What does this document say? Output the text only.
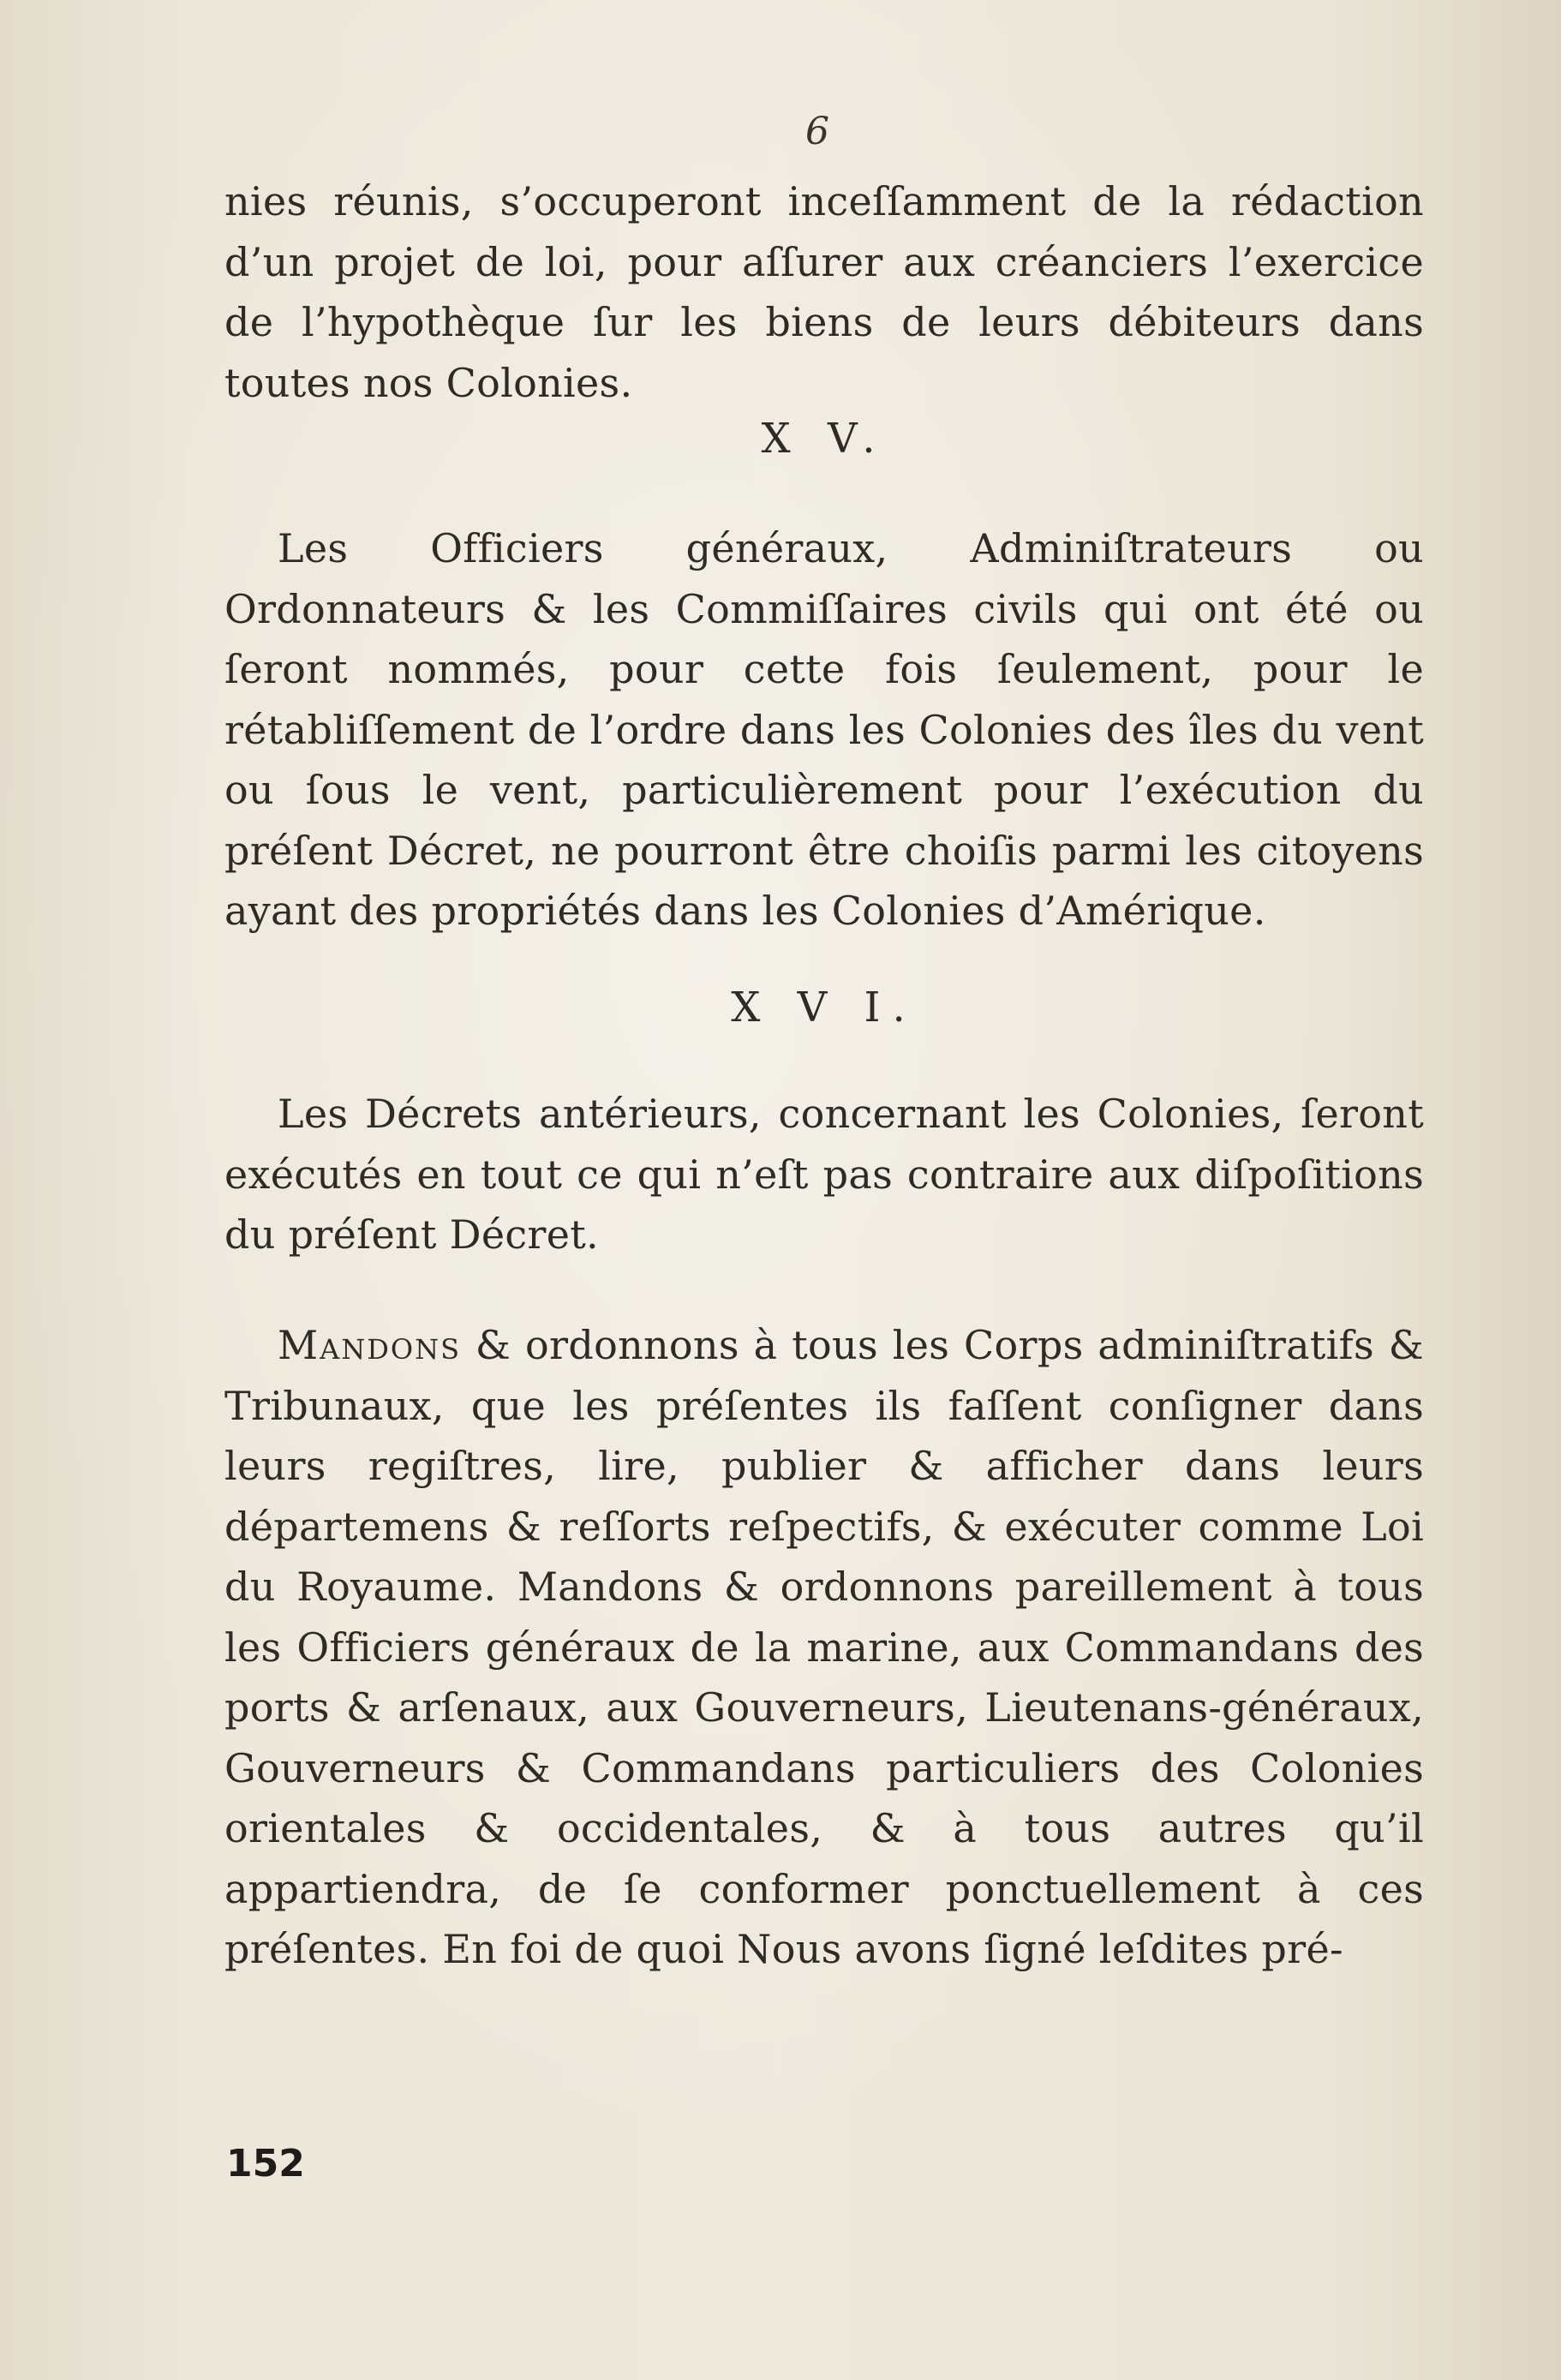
6
nies réunis, s’occuperont inceſſamment de la rédaction d’un projet de loi, pour aſſurer aux créanciers l’exercice de l’hypothèque ſur les biens de leurs débiteurs dans toutes nos Colonies.
X V.
Les Officiers généraux, Adminiſtrateurs ou Ordonnateurs & les Commiſſaires civils qui ont été ou ſeront nommés, pour cette fois ſeulement, pour le rétabliſſement de l’ordre dans les Colonies des îles du vent ou ſous le vent, particulièrement pour l’exécution du préſent Décret, ne pourront être choiſis parmi les citoyens ayant des propriétés dans les Colonies d’Amérique.
X V I.
Les Décrets antérieurs, concernant les Colonies, ſeront exécutés en tout ce qui n’eſt pas contraire aux diſpoſitions du préſent Décret.
Mandons & ordonnons à tous les Corps adminiſtratifs & Tribunaux, que les préſentes ils faſſent conſigner dans leurs regiſtres, lire, publier & afficher dans leurs départemens & reſſorts reſpectifs, & exécuter comme Loi du Royaume. Mandons & ordonnons pareillement à tous les Officiers généraux de la marine, aux Commandans des ports & arſenaux, aux Gouverneurs, Lieutenans-généraux, Gouverneurs & Commandans particuliers des Colonies orientales & occidentales, & à tous autres qu’il appartiendra, de ſe conformer ponctuellement à ces préſentes. En foi de quoi Nous avons ſigné leſdites pré-
152
